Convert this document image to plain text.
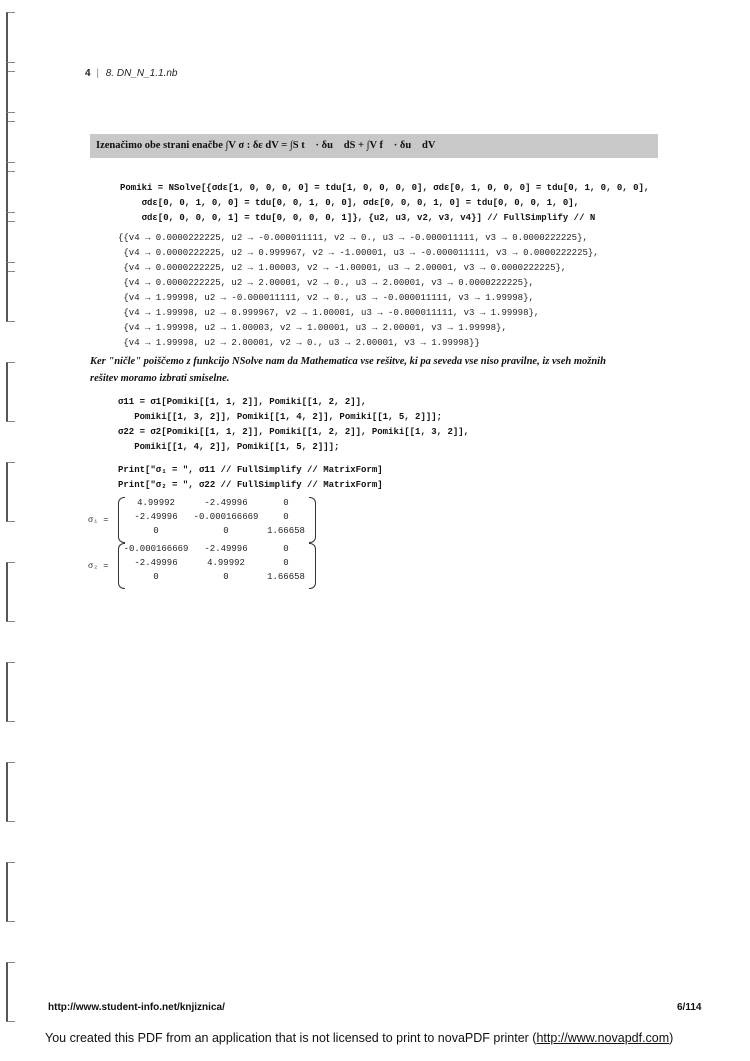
4 | 8. DN_N_1.1.nb
Izenačimo obe strani enačbe ∫V σ : δε dV = ∫S t⃗ · δu⃗ dS + ∫V f⃗ · δu⃗ dV
Pomiki = NSolve[{σdε[1, 0, 0, 0, 0] = tdu[1, 0, 0, 0, 0], σdε[0, 1, 0, 0, 0] = tdu[0, 1, 0, 0, 0],
σdε[0, 0, 1, 0, 0] = tdu[0, 0, 1, 0, 0], σdε[0, 0, 0, 1, 0] = tdu[0, 0, 0, 1, 0],
σdε[0, 0, 0, 0, 1] = tdu[0, 0, 0, 0, 1]}, {u2, u3, v2, v3, v4}] // FullSimplify // N
{{v4 → 0.0000222225, u2 → -0.000011111, v2 → 0., u3 → -0.000011111, v3 → 0.0000222225},
{v4 → 0.0000222225, u2 → 0.999967, v2 → -1.00001, u3 → -0.000011111, v3 → 0.0000222225},
{v4 → 0.0000222225, u2 → 1.00003, v2 → -1.00001, u3 → 2.00001, v3 → 0.0000222225},
{v4 → 0.0000222225, u2 → 2.00001, v2 → 0., u3 → 2.00001, v3 → 0.0000222225},
{v4 → 1.99998, u2 → -0.000011111, v2 → 0., u3 → -0.000011111, v3 → 1.99998},
{v4 → 1.99998, u2 → 0.999967, v2 → 1.00001, u3 → -0.000011111, v3 → 1.99998},
{v4 → 1.99998, u2 → 1.00003, v2 → 1.00001, u3 → 2.00001, v3 → 1.99998},
{v4 → 1.99998, u2 → 2.00001, v2 → 0., u3 → 2.00001, v3 → 1.99998}}
Ker "ničle" poiščemo z funkcijo NSolve nam da Mathematica vse rešitve, ki pa seveda vse niso pravilne, iz vseh možnih
rešitev moramo izbrati smiselne.
σ11 = σ1[Pomiki[[1, 1, 2]], Pomiki[[1, 2, 2]],
Pomiki[[1, 3, 2]], Pomiki[[1, 4, 2]], Pomiki[[1, 5, 2]]];
σ22 = σ2[Pomiki[[1, 1, 2]], Pomiki[[1, 2, 2]], Pomiki[[1, 3, 2]],
Pomiki[[1, 4, 2]], Pomiki[[1, 5, 2]]];
Print["σ₁ = ", σ11 // FullSimplify // MatrixForm]
Print["σ₂ = ", σ22 // FullSimplify // MatrixForm]
σ₁ =
4.99992	-2.49996	0
-2.49996	-0.000166669	0
0	0	1.66658
σ₂ =
-0.000166669	-2.49996	0
-2.49996	4.99992	0
0	0	1.66658
http://www.student-info.net/knjiznica/	6/114
You created this PDF from an application that is not licensed to print to novaPDF printer (http://www.novapdf.com)
